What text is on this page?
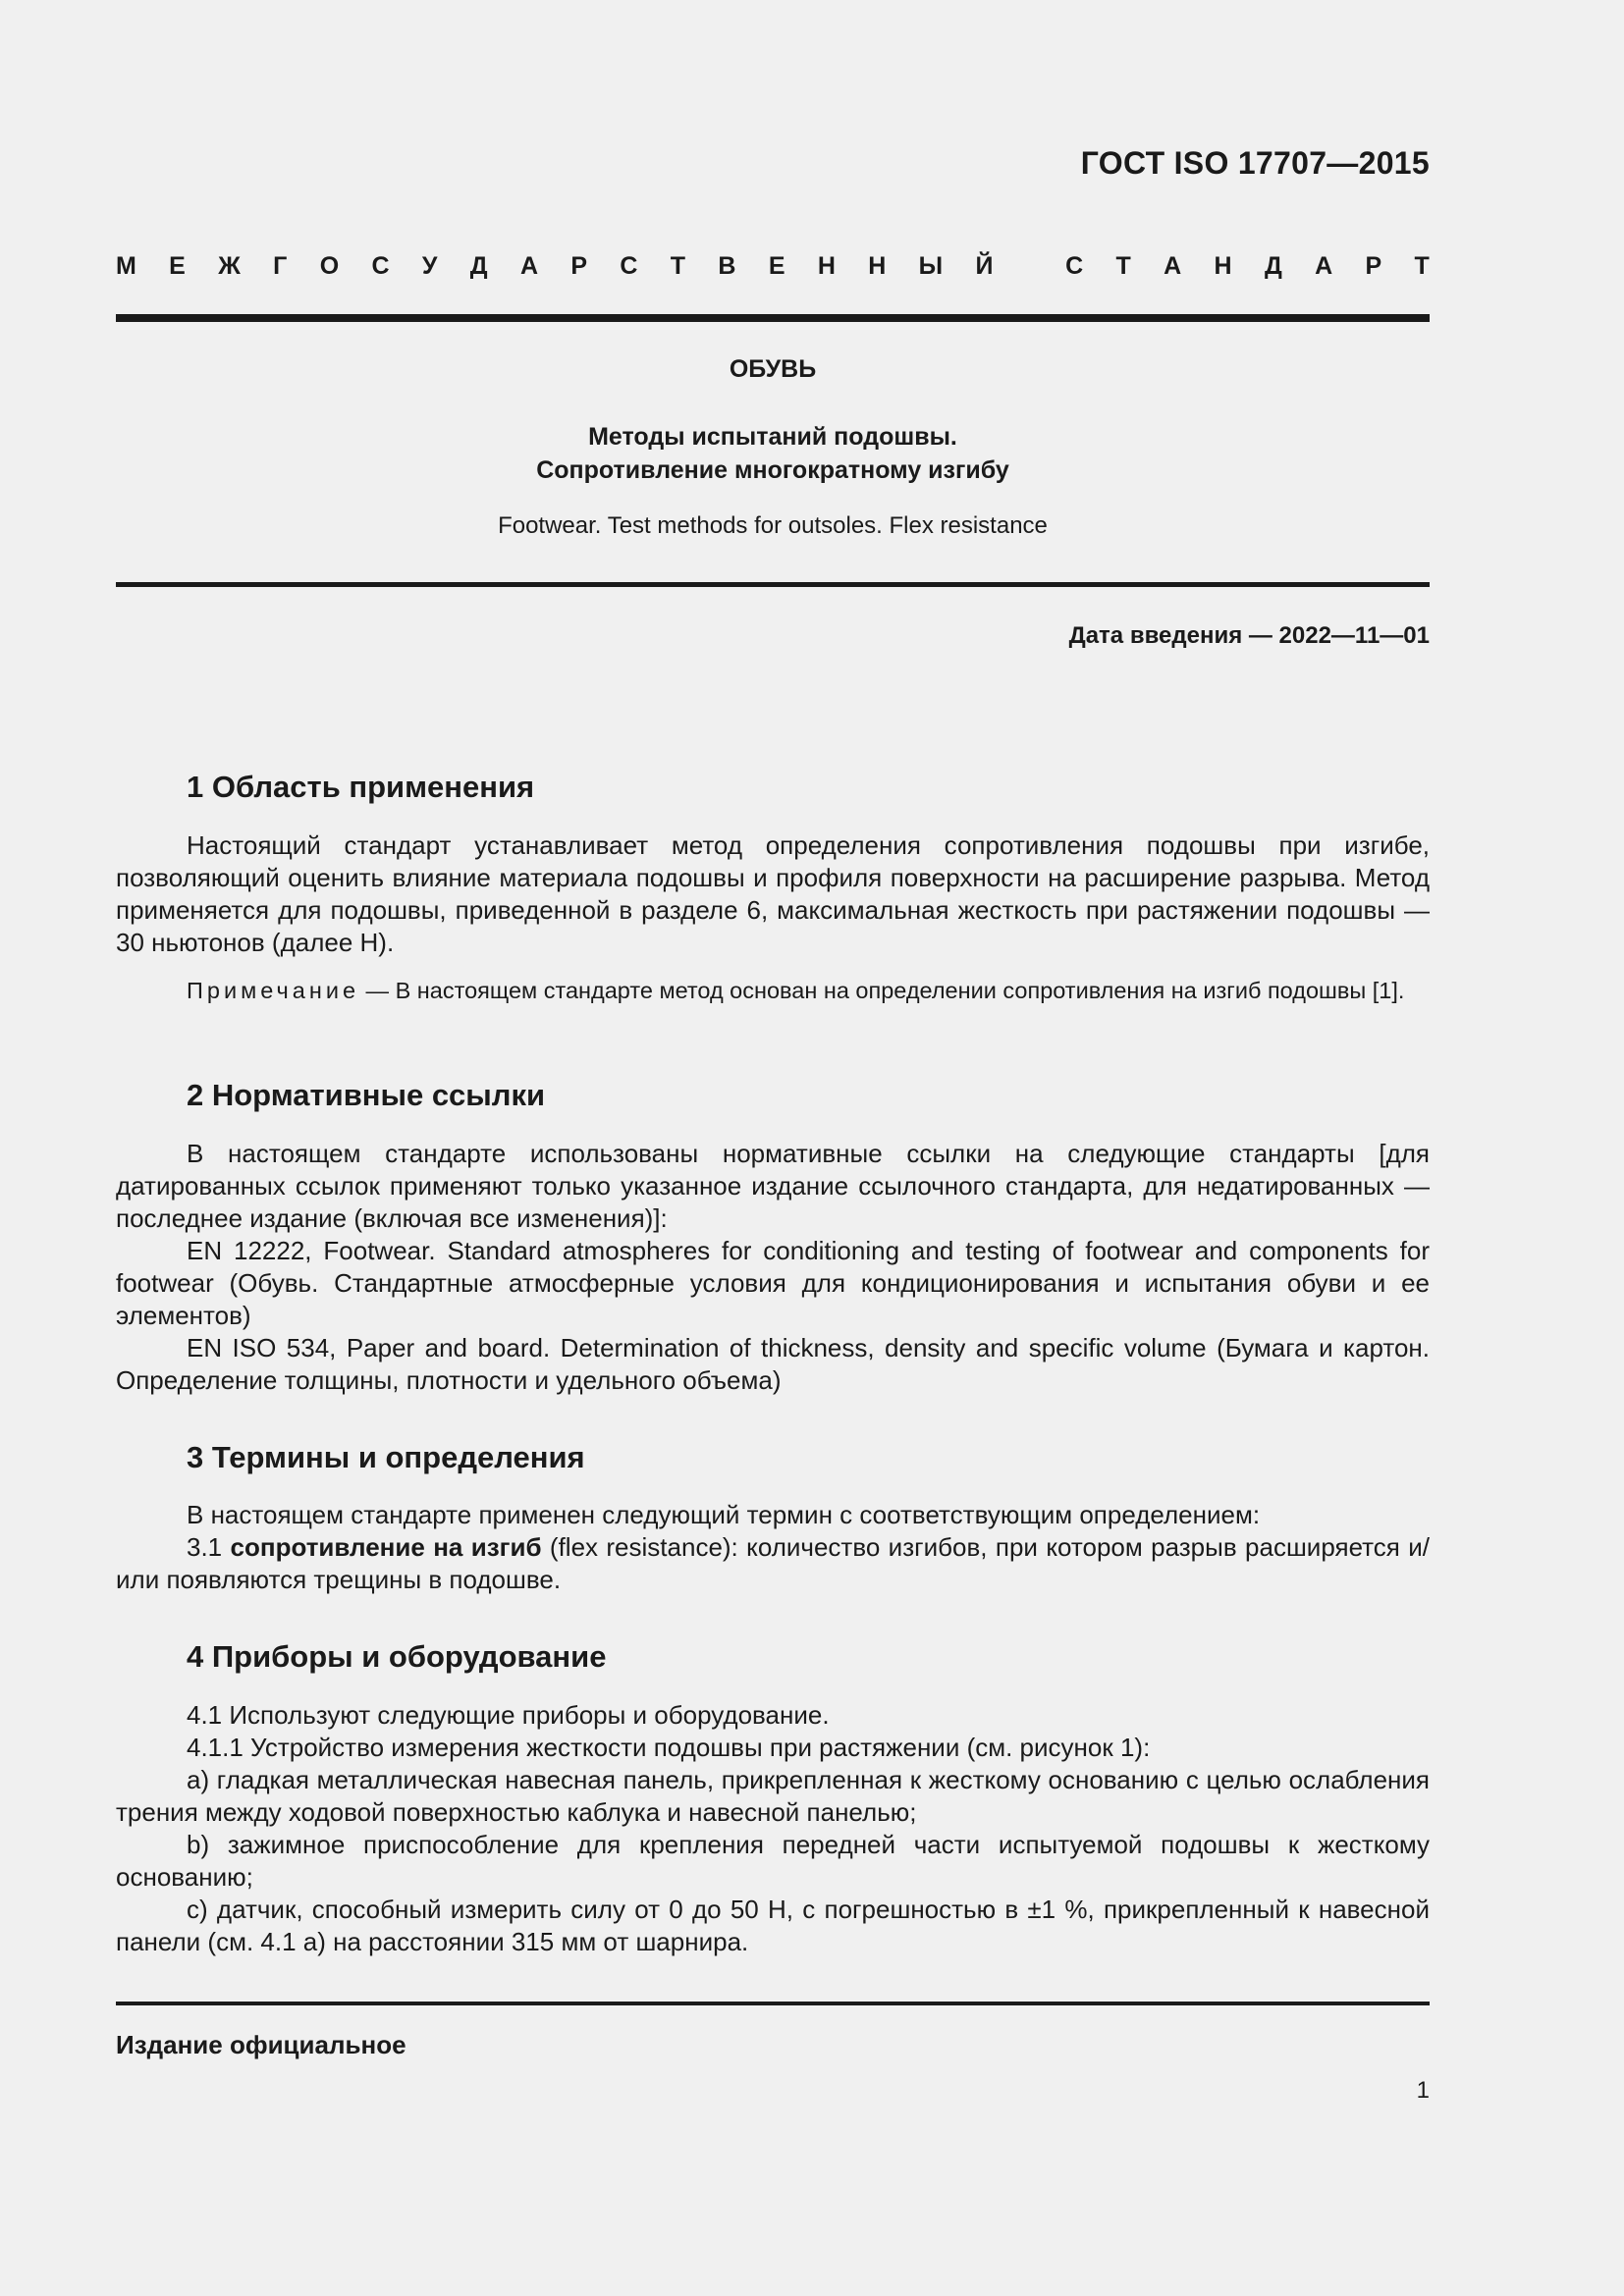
ГОСТ ISO 17707—2015
М Е Ж Г О С У Д А Р С Т В Е Н Н Ы Й
	С Т А Н Д А Р Т
ОБУВЬ
Методы испытаний подошвы.
Сопротивление многократному изгибу
Footwear. Test methods for outsoles. Flex resistance
Дата введения — 2022—11—01
1 Область применения

Настоящий стандарт устанавливает метод определения сопротивления подошвы при изгибе, позволяющий оценить влияние материала подошвы и профиля поверхности на расширение разрыва. Метод применяется для подошвы, приведенной в разделе 6, максимальная жесткость при растяжении подошвы — 30 ньютонов (далее Н).

Примечание — В настоящем стандарте метод основан на определении сопротивления на изгиб подошвы [1].

2 Нормативные ссылки

В настоящем стандарте использованы нормативные ссылки на следующие стандарты [для датированных ссылок применяют только указанное издание ссылочного стандарта, для недатированных — последнее издание (включая все изменения)]:

EN 12222, Footwear. Standard atmospheres for conditioning and testing of footwear and components for footwear (Обувь. Стандартные атмосферные условия для кондиционирования и испытания обуви и ее элементов)

EN ISO 534, Paper and board. Determination of thickness, density and specific volume (Бумага и картон. Определение толщины, плотности и удельного объема)

3 Термины и определения

В настоящем стандарте применен следующий термин с соответствующим определением:

3.1 сопротивление на изгиб (flex resistance): количество изгибов, при котором разрыв расширяется и/или появляются трещины в подошве.

4 Приборы и оборудование

4.1 Используют следующие приборы и оборудование.

4.1.1 Устройство измерения жесткости подошвы при растяжении (см. рисунок 1):

a) гладкая металлическая навесная панель, прикрепленная к жесткому основанию с целью ослабления трения между ходовой поверхностью каблука и навесной панелью;

b) зажимное приспособление для крепления передней части испытуемой подошвы к жесткому основанию;

c) датчик, способный измерить силу от 0 до 50 Н, с погрешностью в ±1 %, прикрепленный к навесной панели (см. 4.1 a) на расстоянии 315 мм от шарнира.

Издание официальное
1
